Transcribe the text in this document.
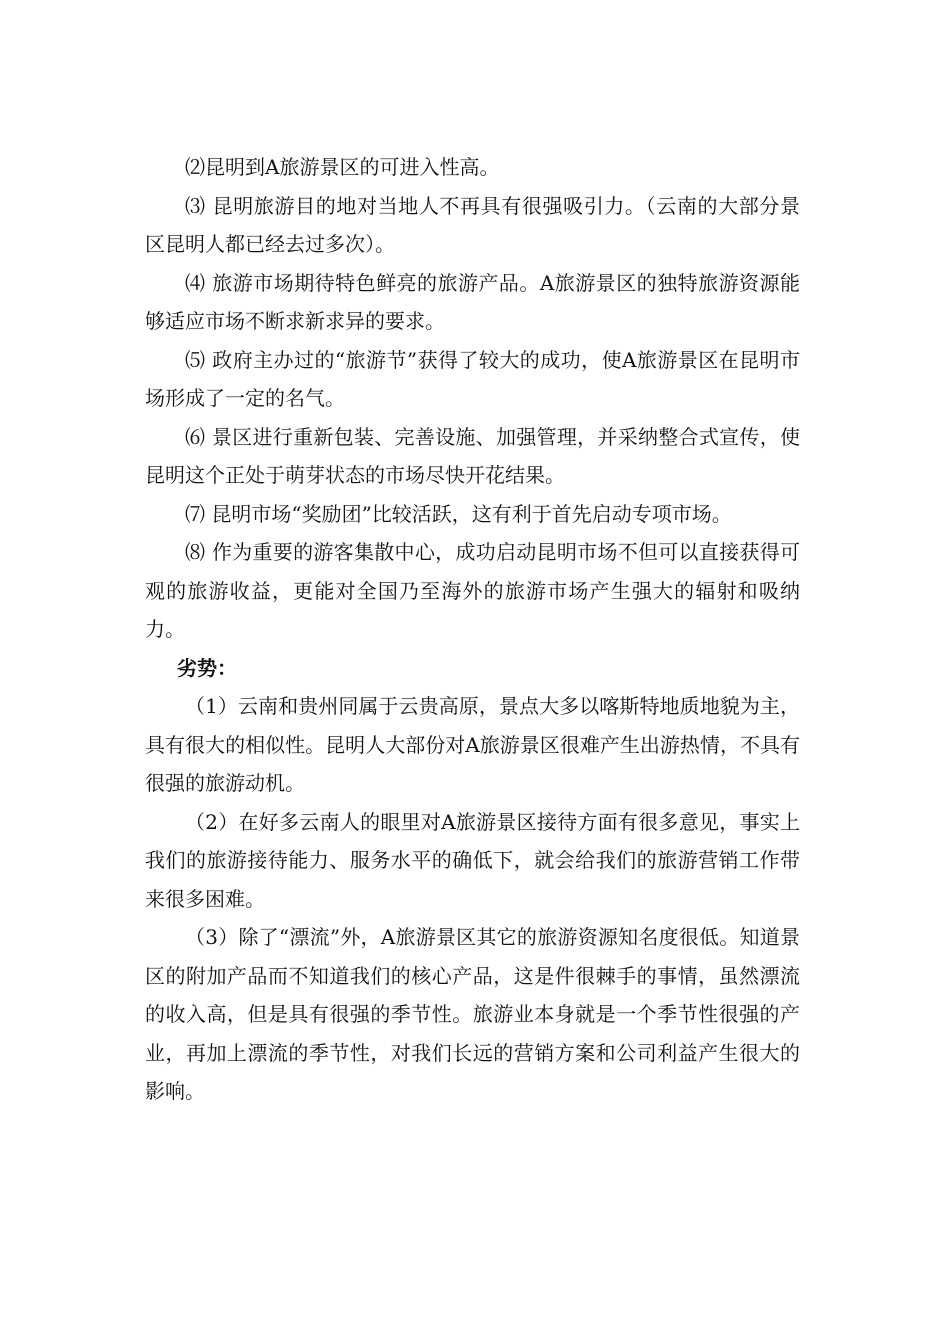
⑵昆明到A旅游景区的可进入性高。

⑶ 昆明旅游目的地对当地人不再具有很强吸引力。（云南的大部分景区昆明人都已经去过多次）。

⑷ 旅游市场期待特色鲜亮的旅游产品。A旅游景区的独特旅游资源能够适应市场不断求新求异的要求。

⑸ 政府主办过的“旅游节”获得了较大的成功，使A旅游景区在昆明市场形成了一定的名气。

⑹ 景区进行重新包装、完善设施、加强管理，并采纳整合式宣传，使昆明这个正处于萌芽状态的市场尽快开花结果。

⑺ 昆明市场“奖励团”比较活跃，这有利于首先启动专项市场。

⑻ 作为重要的游客集散中心，成功启动昆明市场不但可以直接获得可观的旅游收益，更能对全国乃至海外的旅游市场产生强大的辐射和吸纳力。

劣势：

（1）云南和贵州同属于云贵高原，景点大多以喀斯特地质地貌为主，具有很大的相似性。昆明人大部份对A旅游景区很难产生出游热情，不具有很强的旅游动机。

（2）在好多云南人的眼里对A旅游景区接待方面有很多意见，事实上我们的旅游接待能力、服务水平的确低下，就会给我们的旅游营销工作带来很多困难。

（3）除了“漂流”外，A旅游景区其它的旅游资源知名度很低。知道景区的附加产品而不知道我们的核心产品，这是件很棘手的事情，虽然漂流的收入高，但是具有很强的季节性。旅游业本身就是一个季节性很强的产业，再加上漂流的季节性，对我们长远的营销方案和公司利益产生很大的影响。
